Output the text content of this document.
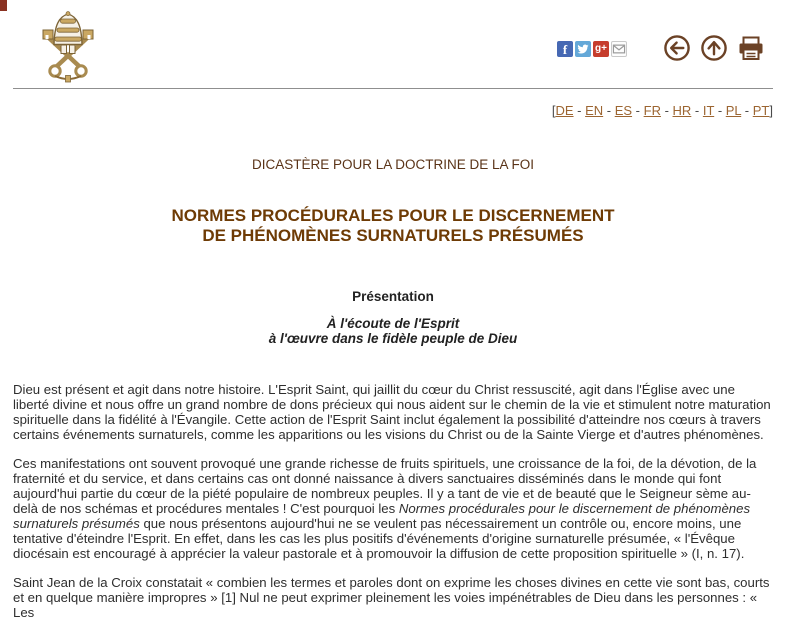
f	g+
[DE - EN - ES - FR - HR - IT - PL - PT]
DICASTÈRE POUR LA DOCTRINE DE LA FOI
NORMES PROCÉDURALES POUR LE DISCERNEMENT
DE PHÉNOMÈNES SURNATURELS PRÉSUMÉS
Présentation
À l'écoute de l'Esprit
à l'œuvre dans le fidèle peuple de Dieu

Dieu est présent et agit dans notre histoire. L'Esprit Saint, qui jaillit du cœur du Christ ressuscité, agit dans l'Église avec une liberté divine et nous offre un grand nombre de dons précieux qui nous aident sur le chemin de la vie et stimulent notre maturation spirituelle dans la fidélité à l'Évangile. Cette action de l'Esprit Saint inclut également la possibilité d'atteindre nos cœurs à travers certains événements surnaturels, comme les apparitions ou les visions du Christ ou de la Sainte Vierge et d'autres phénomènes.

Ces manifestations ont souvent provoqué une grande richesse de fruits spirituels, une croissance de la foi, de la dévotion, de la fraternité et du service, et dans certains cas ont donné naissance à divers sanctuaires disséminés dans le monde qui font aujourd'hui partie du cœur de la piété populaire de nombreux peuples. Il y a tant de vie et de beauté que le Seigneur sème au-delà de nos schémas et procédures mentales ! C'est pourquoi les Normes procédurales pour le discernement de phénomènes surnaturels présumés que nous présentons aujourd'hui ne se veulent pas nécessairement un contrôle ou, encore moins, une tentative d'éteindre l'Esprit. En effet, dans les cas les plus positifs d'événements d'origine surnaturelle présumée, « l'Évêque diocésain est encouragé à apprécier la valeur pastorale et à promouvoir la diffusion de cette proposition spirituelle » (I, n. 17).

Saint Jean de la Croix constatait « combien les termes et paroles dont on exprime les choses divines en cette vie sont bas, courts et en quelque manière impropres » [1] Nul ne peut exprimer pleinement les voies impénétrables de Dieu dans les personnes : « Les
